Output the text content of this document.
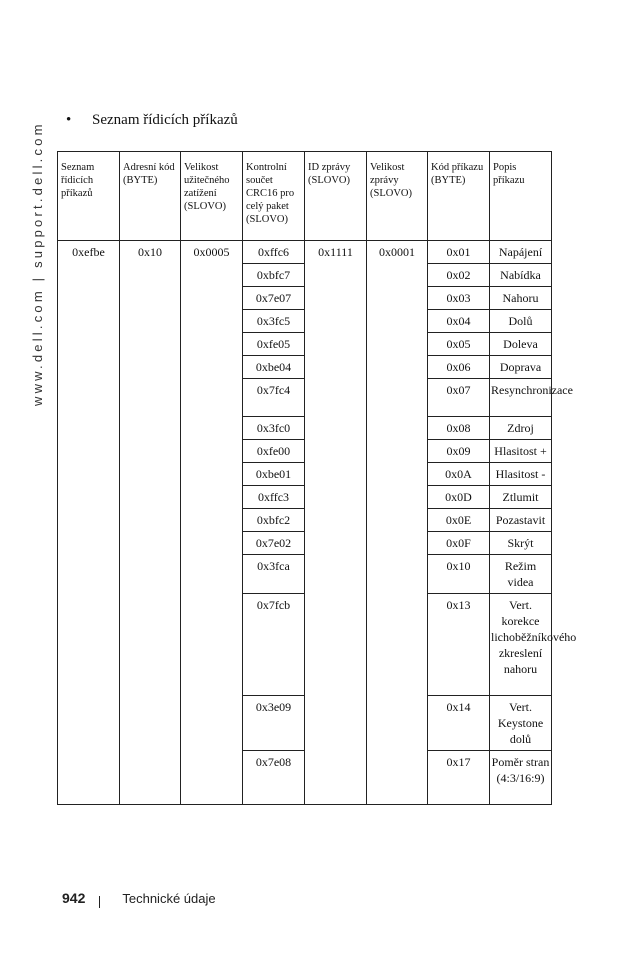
www.dell.com | support.dell.com
• Seznam řídicích příkazů
Seznam řídicích příkazů	Adresní kód (BYTE)	Velikost užitečného zatížení (SLOVO)	Kontrolní součet CRC16 pro celý paket (SLOVO)	ID zprávy (SLOVO)	Velikost zprávy (SLOVO)	Kód příkazu (BYTE)	Popis příkazu
0xefbe	0x10	0x0005	0xffc6	0x1111	0x0001	0x01	Napájení
			0xbfc7			0x02	Nabídka
			0x7e07			0x03	Nahoru
			0x3fc5			0x04	Dolů
			0xfe05			0x05	Doleva
			0xbe04			0x06	Doprava
			0x7fc4			0x07	Resynchronizace
			0x3fc0			0x08	Zdroj
			0xfe00			0x09	Hlasitost +
			0xbe01			0x0A	Hlasitost -
			0xffc3			0x0D	Ztlumit
			0xbfc2			0x0E	Pozastavit
			0x7e02			0x0F	Skrýt
			0x3fca			0x10	Režim videa
			0x7fcb			0x13	Vert. korekce lichoběžníkového zkreslení nahoru
			0x3e09			0x14	Vert. Keystone dolů
			0x7e08			0x17	Poměr stran (4:3/16:9)
942	Technické údaje
